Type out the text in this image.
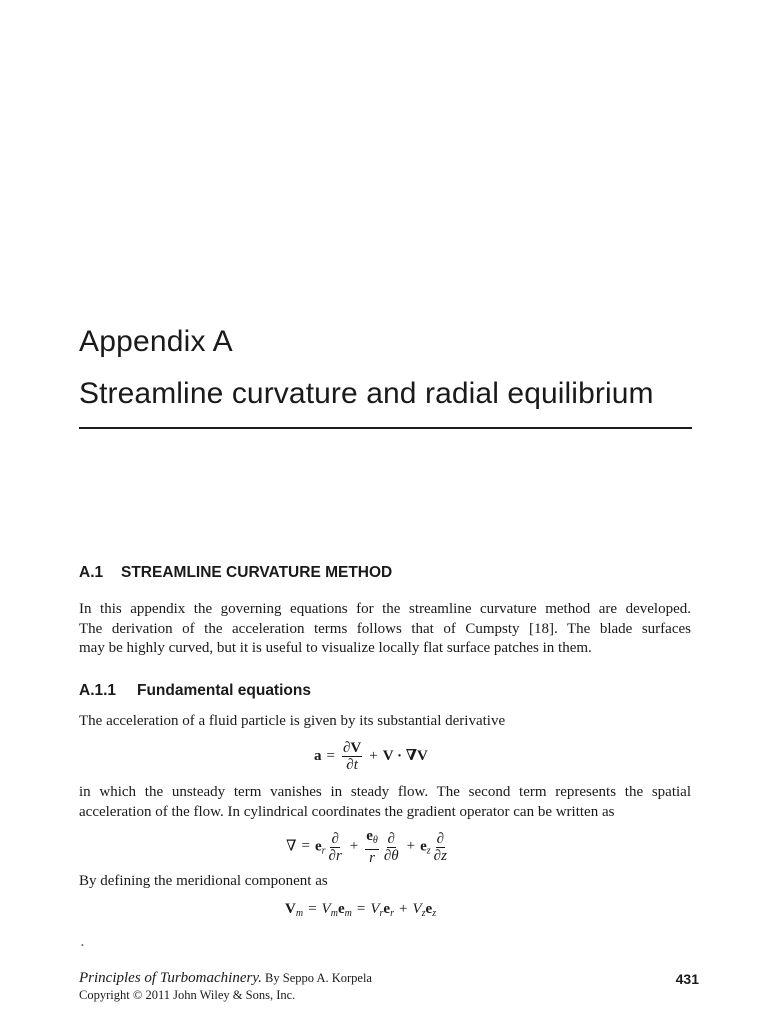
Appendix A
Streamline curvature and radial equilibrium
A.1 STREAMLINE CURVATURE METHOD
In this appendix the governing equations for the streamline curvature method are developed.
The derivation of the acceleration terms follows that of Cumpsty [18]. The blade surfaces
may be highly curved, but it is useful to visualize locally flat surface patches in them.
A.1.1 Fundamental equations
The acceleration of a fluid particle is given by its substantial derivative
$a = \frac{\partial V}{\partial t} + V \cdot \nabla V$
in which the unsteady term vanishes in steady flow. The second term represents the spatial
acceleration of the flow. In cylindrical coordinates the gradient operator can be written as
∇ = $e_r \frac{\partial}{\partial r} + \frac{e_\theta}{r} \frac{\partial}{\partial\theta} + e_z \frac{\partial}{\partial z}$
By defining the meridional component as
$V_m = V_me_m = V_re_r + V_ze_z$
•
Principles of Turbomachinery. By Seppo A. Korpela
Copyright © 2011 John Wiley & Sons, Inc.
431
